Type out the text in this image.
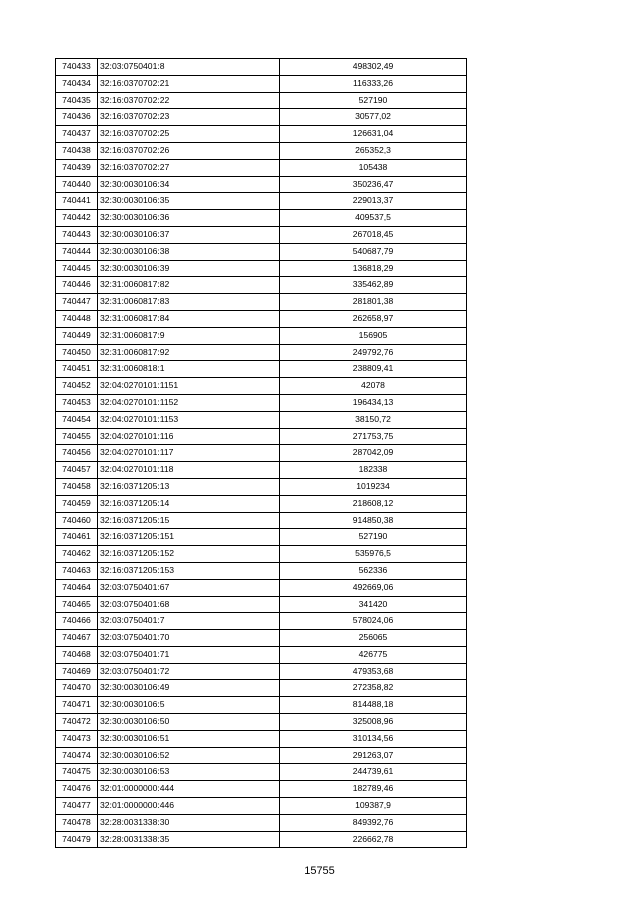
740433	32:03:0750401:8	498302,49
740434	32:16:0370702:21	116333,26
740435	32:16:0370702:22	527190
740436	32:16:0370702:23	30577,02
740437	32:16:0370702:25	126631,04
740438	32:16:0370702:26	265352,3
740439	32:16:0370702:27	105438
740440	32:30:0030106:34	350236,47
740441	32:30:0030106:35	229013,37
740442	32:30:0030106:36	409537,5
740443	32:30:0030106:37	267018,45
740444	32:30:0030106:38	540687,79
740445	32:30:0030106:39	136818,29
740446	32:31:0060817:82	335462,89
740447	32:31:0060817:83	281801,38
740448	32:31:0060817:84	262658,97
740449	32:31:0060817:9	156905
740450	32:31:0060817:92	249792,76
740451	32:31:0060818:1	238809,41
740452	32:04:0270101:1151	42078
740453	32:04:0270101:1152	196434,13
740454	32:04:0270101:1153	38150,72
740455	32:04:0270101:116	271753,75
740456	32:04:0270101:117	287042,09
740457	32:04:0270101:118	182338
740458	32:16:0371205:13	1019234
740459	32:16:0371205:14	218608,12
740460	32:16:0371205:15	914850,38
740461	32:16:0371205:151	527190
740462	32:16:0371205:152	535976,5
740463	32:16:0371205:153	562336
740464	32:03:0750401:67	492669,06
740465	32:03:0750401:68	341420
740466	32:03:0750401:7	578024,06
740467	32:03:0750401:70	256065
740468	32:03:0750401:71	426775
740469	32:03:0750401:72	479353,68
740470	32:30:0030106:49	272358,82
740471	32:30:0030106:5	814488,18
740472	32:30:0030106:50	325008,96
740473	32:30:0030106:51	310134,56
740474	32:30:0030106:52	291263,07
740475	32:30:0030106:53	244739,61
740476	32:01:0000000:444	182789,46
740477	32:01:0000000:446	109387,9
740478	32:28:0031338:30	849392,76
740479	32:28:0031338:35	226662,78
15755
